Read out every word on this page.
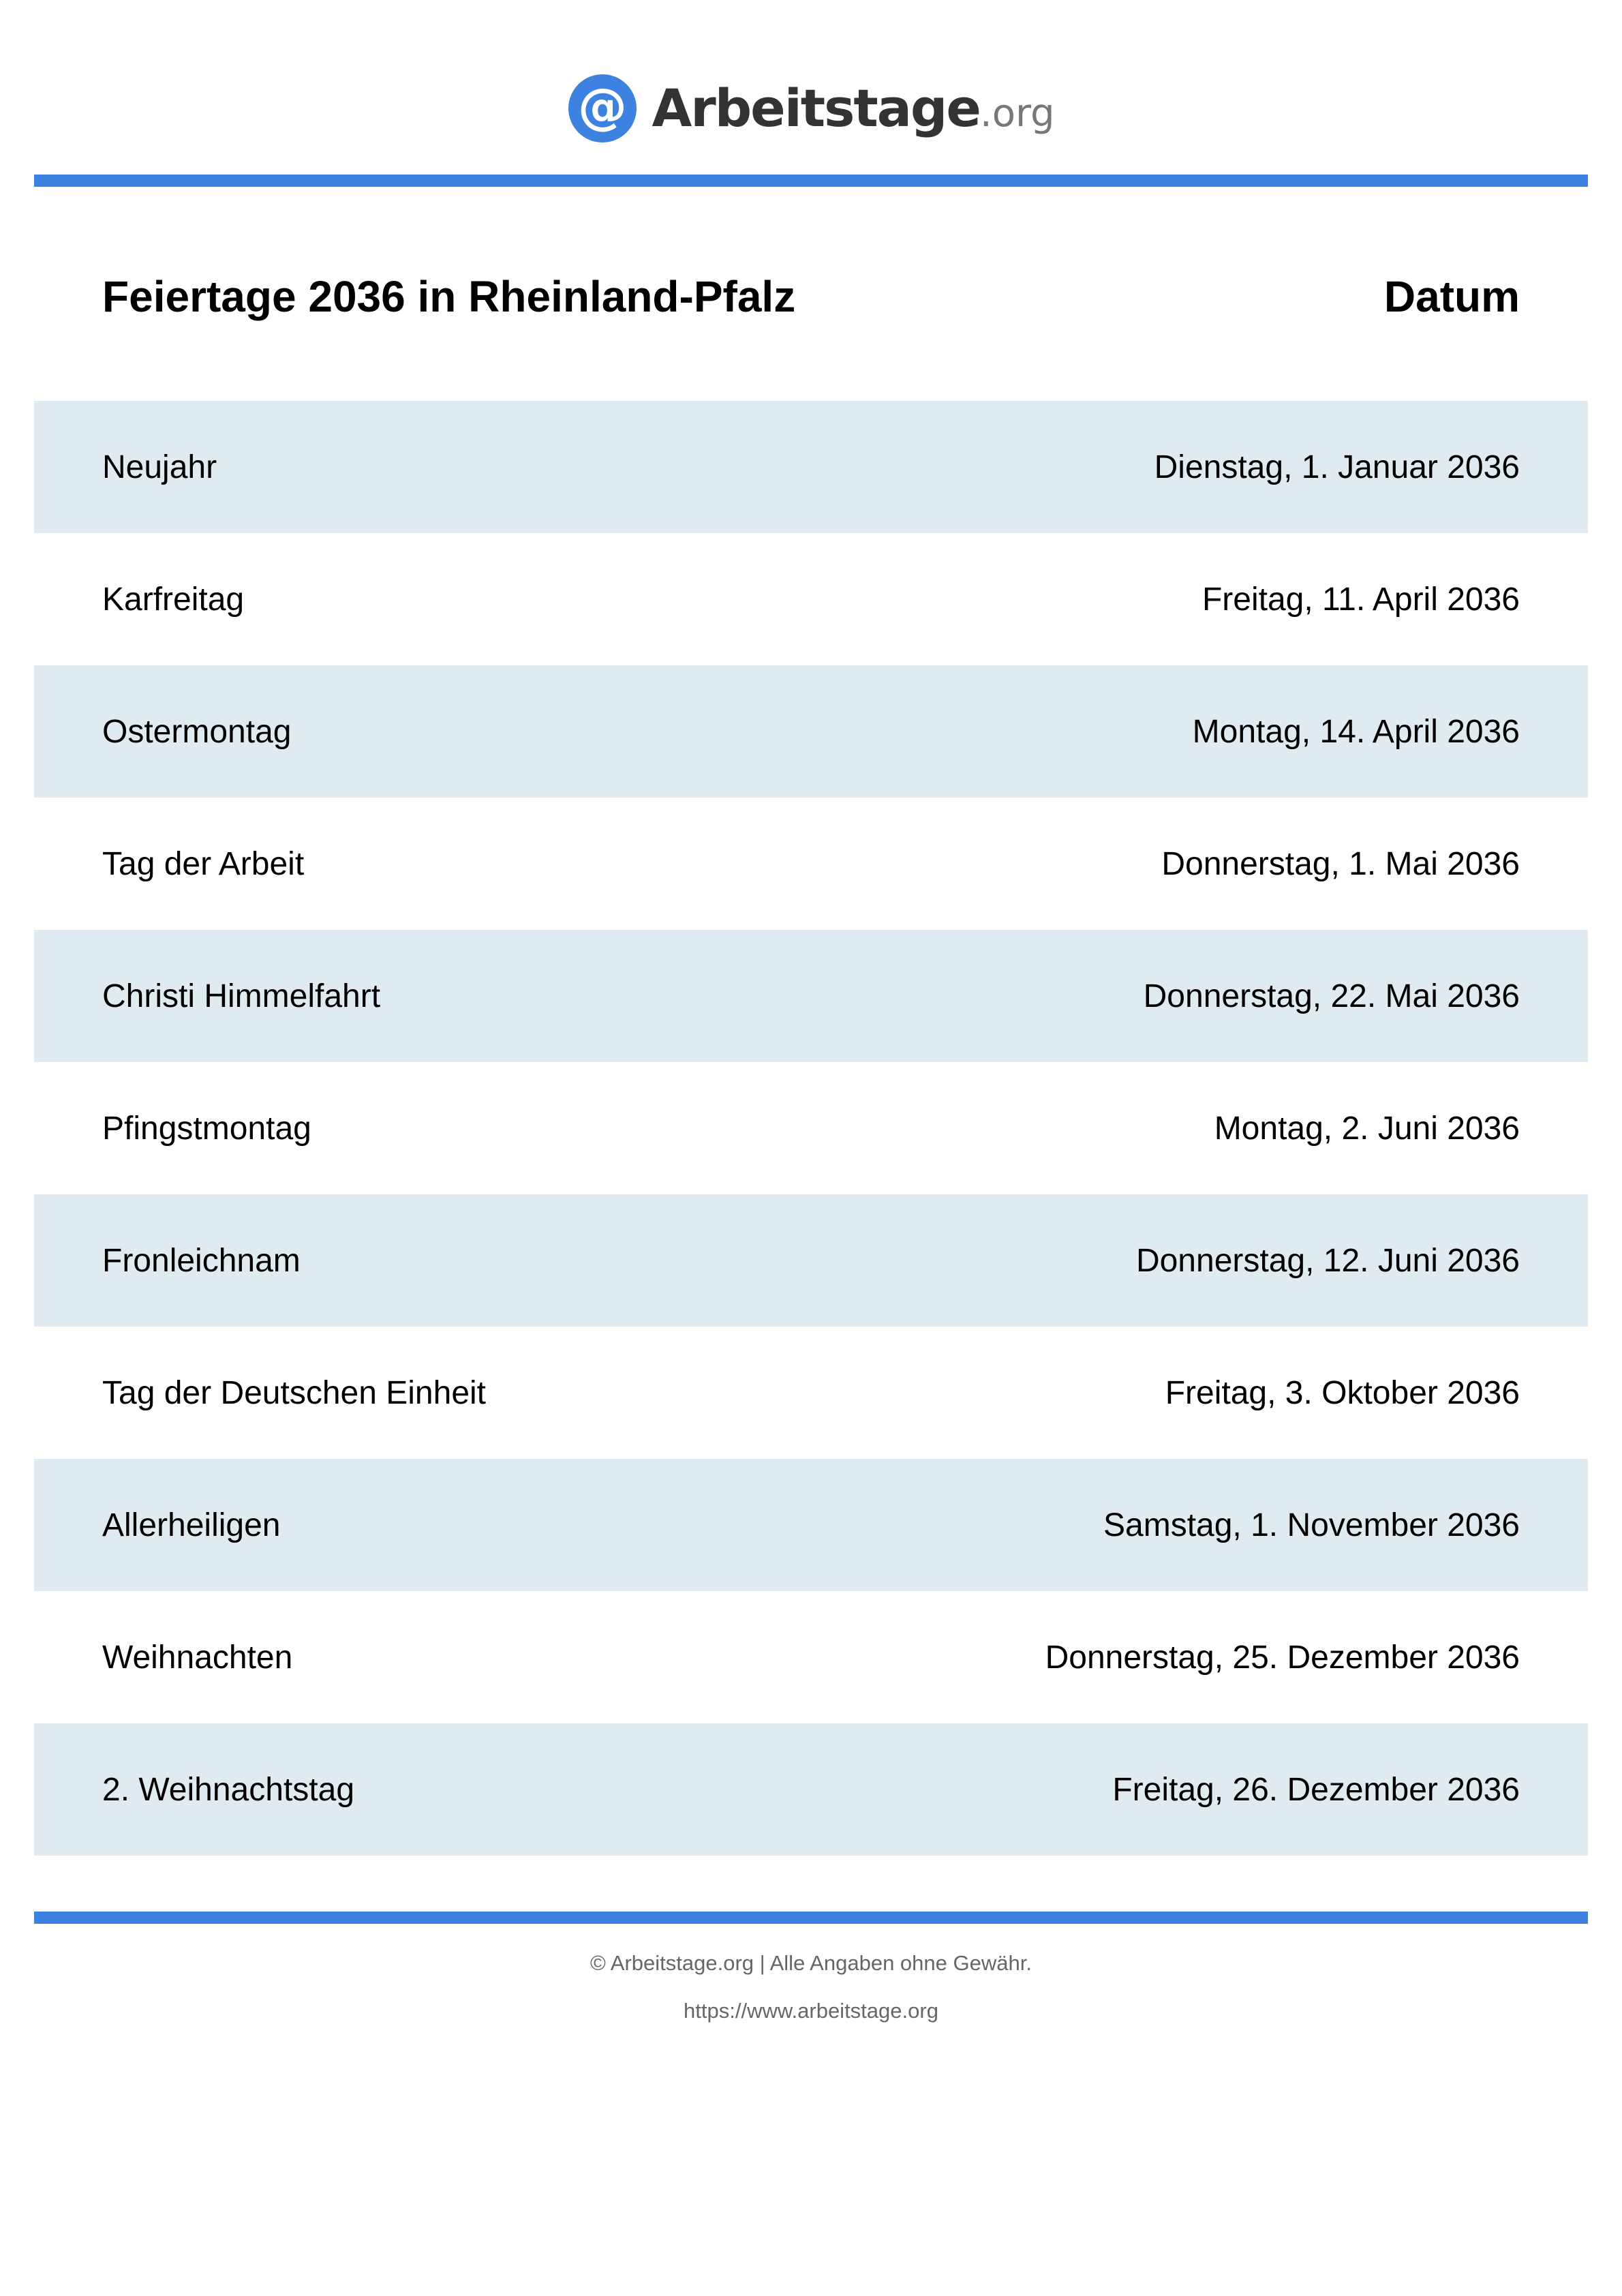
@ Arbeitstage.org
Feiertage 2036 in Rheinland-Pfalz	Datum
Neujahr	Dienstag, 1. Januar 2036
Karfreitag	Freitag, 11. April 2036
Ostermontag	Montag, 14. April 2036
Tag der Arbeit	Donnerstag, 1. Mai 2036
Christi Himmelfahrt	Donnerstag, 22. Mai 2036
Pfingstmontag	Montag, 2. Juni 2036
Fronleichnam	Donnerstag, 12. Juni 2036
Tag der Deutschen Einheit	Freitag, 3. Oktober 2036
Allerheiligen	Samstag, 1. November 2036
Weihnachten	Donnerstag, 25. Dezember 2036
2. Weihnachtstag	Freitag, 26. Dezember 2036
© Arbeitstage.org | Alle Angaben ohne Gewähr.
https://www.arbeitstage.org
